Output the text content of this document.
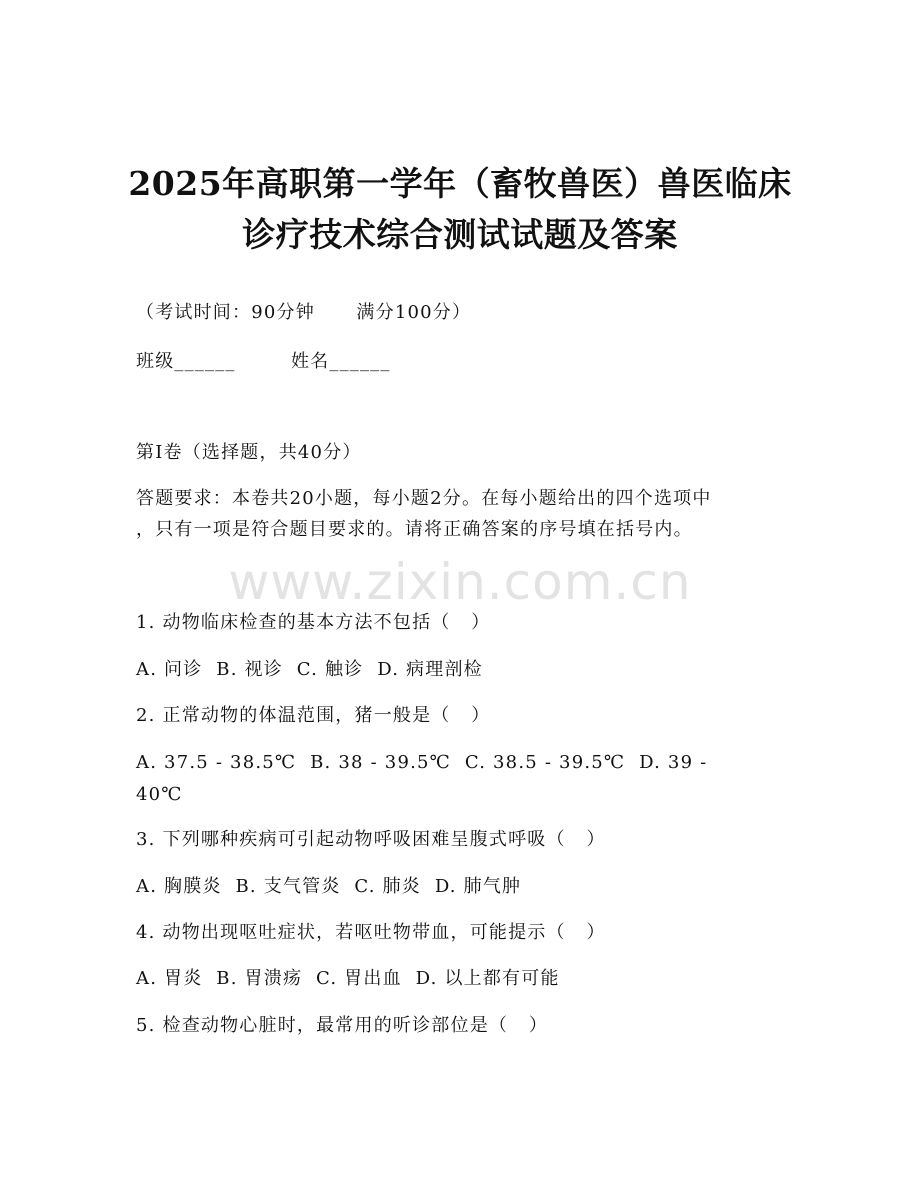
2025年高职第一学年（畜牧兽医）兽医临床
诊疗技术综合测试试题及答案
（考试时间：90分钟      满分100分）
班级______        姓名______
第I卷（选择题，共40分）
答题要求：本卷共20小题，每小题2分。在每小题给出的四个选项中
，只有一项是符合题目要求的。请将正确答案的序号填在括号内。
www.zixin.com.cn
1. 动物临床检查的基本方法不包括（   ）
A. 问诊  B. 视诊  C. 触诊  D. 病理剖检
2. 正常动物的体温范围，猪一般是（   ）
A. 37.5 - 38.5℃  B. 38 - 39.5℃  C. 38.5 - 39.5℃  D. 39 -
40℃
3. 下列哪种疾病可引起动物呼吸困难呈腹式呼吸（   ）
A. 胸膜炎  B. 支气管炎  C. 肺炎  D. 肺气肿
4. 动物出现呕吐症状，若呕吐物带血，可能提示（   ）
A. 胃炎  B. 胃溃疡  C. 胃出血  D. 以上都有可能
5. 检查动物心脏时，最常用的听诊部位是（   ）
